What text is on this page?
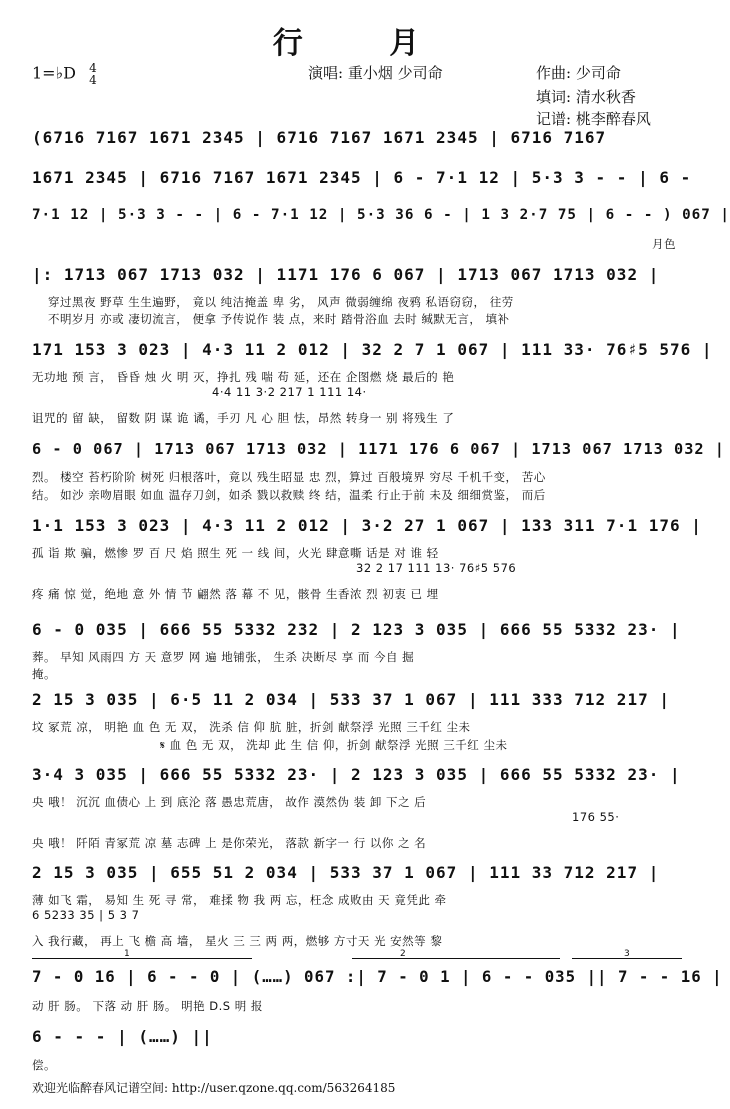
行 月
1=♭D 4
4	演唱: 重小烟 少司命	作曲: 少司命
填词: 清水秋香
记谱: 桃李醉春风
(6716 7167 1671 2345 | 6716 7167 1671 2345 | 6716 7167
1671 2345 | 6716 7167 1671 2345 | 6 - 7·1 12 | 5·3 3 - - | 6 -
7·1 12 | 5·3 3 - - | 6 - 7·1 12 | 5·3 36 6 - | 1 3 2·7 75 | 6 - - ) 067 |
月色
|: 1713 067 1713 032 | 1171 176 6 067 | 1713 067 1713 032 |
穿过黑夜 野草 生生遍野， 竟以 纯洁掩盖 卑 劣， 风声 微弱缠绵 夜鸦 私语窃窃， 往劳
不明岁月 亦或 凄切流言， 便拿 予传说作 装 点，来时 踏骨浴血 去时 缄默无言， 填补
171 153 3 023 | 4·3 11 2 012 | 32 2 7 1 067 | 111 33· 76♯5 576 |
无功地 预 言， 昏昏 烛 火 明 灭，挣扎 残 喘 苟 延，还在 企图燃 烧 最后的 艳
4·4 11 3·2 217 1 111 14·
诅咒的 留 缺， 留数 阴 谋 诡 谲，手刃 凡 心 胆 怯，昂然 转身一 别 将残生 了
6 - 0 067 | 1713 067 1713 032 | 1171 176 6 067 | 1713 067 1713 032 |
烈。 楼空 苔朽阶阶 树死 归根落叶，竟以 残生昭显 忠 烈，算过 百般境界 穷尽 千机千变， 苦心
结。 如沙 亲吻眉眼 如血 温存刀剑，如杀 戮以救赎 终 结，温柔 行止于前 未及 细细赏鉴， 而后
1·1 153 3 023 | 4·3 11 2 012 | 3·2 27 1 067 | 133 311 7·1 176 |
孤 诣 欺 骗，燃惨 罗 百 尺 焰 照生 死 一 线 间，火光 肆意嘶 话是 对 谁 轻
32 2 17 111 13· 76♯5 576
疼 痛 惊 觉，绝地 意 外 情 节 翩然 落 幕 不 见，骸骨 生香浓 烈 初衷 已 埋
6 - 0 035 | 666 55 5332 232 | 2 123 3 035 | 666 55 5332 23· |
葬。 早知 风雨四 方 天 意罗 网 遍 地铺张， 生杀 决断尽 享 而 今自 掘
掩。
2 15 3 035 | 6·5 11 2 034 | 533 37 1 067 | 111 333 712 217 |
坟 冢荒 凉， 明艳 血 色 无 双， 洗杀 信 仰 肮 脏，折剑 献祭浮 光照 三千红 尘未
𝄋 血 色 无 双， 洗却 此 生 信 仰，折剑 献祭浮 光照 三千红 尘未
3·4 3 035 | 666 55 5332 23· | 2 123 3 035 | 666 55 5332 23· |
央 哦！ 沉沉 血债心 上 到 底沦 落 愚忠荒唐， 故作 漠然伪 装 卸 下之 后
176 55·
央 哦！ 阡陌 青冢荒 凉 墓 志碑 上 是你荣光， 落款 新字一 行 以你 之 名
2 15 3 035 | 655 51 2 034 | 533 37 1 067 | 111 33 712 217 |
薄 如飞 霜， 易知 生 死 寻 常， 难揉 物 我 两 忘，枉念 成败由 天 竟凭此 牵
6 5233 35 | 5 3 7
入 我行藏， 再上 飞 檐 高 墙， 星火 三 三 两 两，燃够 方寸天 光 安然等 黎
7 - 0 16 | 6 - - 0 | (……) 067 :| 7 - 0 1 | 6 - - 035 || 7 - - 16 |
动 肝 肠。 下落 动 肝 肠。 明艳 D.S 明 报
6 - - - | (……) ||
偿。
1	2	3
欢迎光临醉春风记谱空间: http://user.qzone.qq.com/563264185
